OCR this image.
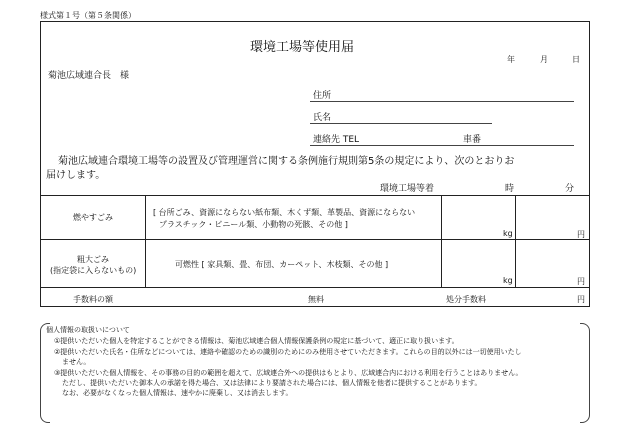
様式第１号（第５条関係）
環境工場等使用届
年	月	日
菊池広域連合長　様
住所
氏名
連絡先 TEL	車番
菊池広域連合環境工場等の設置及び管理運営に関する条例施行規則第5条の規定により、次のとおりお
届けします。
環境工場等着	時	分
燃やすごみ
[ 台所ごみ、資源にならない紙布類、木くず類、革製品、資源にならない
プラスチック・ビニール類、小動物の死骸、その他 ]
kg	円
粗大ごみ
(指定袋に入らないもの)
可燃性 [ 家具類、畳、布団、カーペット、木枝類、その他 ]
kg	円
手数料の額	無料	処分手数料	円
個人情報の取扱いについて
①提供いただいた個人を特定することができる情報は、菊池広域連合個人情報保護条例の規定に基づいて、適正に取り扱います。
②提供いただいた氏名・住所などについては、連絡や確認のための識別のためにのみ使用させていただきます。これらの目的以外には一切使用いたし
ません。
③提供いただいた個人情報を、その事務の目的の範囲を超えて、広域連合外への提供はもとより、広域連合内における利用を行うことはありません。
ただし、提供いただいた御本人の承諾を得た場合、又は法律により要請された場合には、個人情報を他者に提供することがあります。
なお、必要がなくなった個人情報は、速やかに廃棄し、又は消去します。
